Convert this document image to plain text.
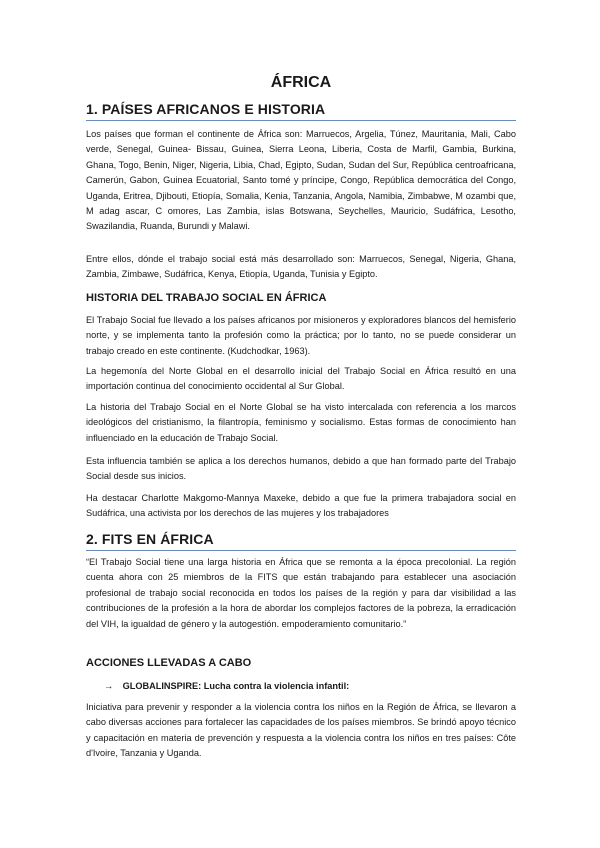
ÁFRICA
1. PAÍSES AFRICANOS E HISTORIA

Los países que forman el continente de África son: Marruecos, Argelia, Túnez, Mauritania, Mali, Cabo verde, Senegal, Guinea- Bissau, Guinea, Sierra Leona, Liberia, Costa de Marfil, Gambia, Burkina, Ghana, Togo, Benin, Niger, Nigeria, Libia, Chad, Egipto, Sudan, Sudan del Sur, República centroafricana, Camerún, Gabon, Guinea Ecuatorial, Santo tomé y príncipe, Congo, República democrática del Congo, Uganda, Eritrea, Djibouti, Etiopía, Somalia, Kenia, Tanzania, Angola, Namibia, Zimbabwe, M ozambi que, M adag ascar, C omores, Las Zambia, islas Botswana, Seychelles, Mauricio, Sudáfrica, Lesotho, Swazilandia, Ruanda, Burundi y Malawi.

Entre ellos, dónde el trabajo social está más desarrollado son: Marruecos, Senegal, Nigeria, Ghana, Zambia, Zimbawe, Sudáfrica, Kenya, Etiopía, Uganda, Tunisia y Egipto.

HISTORIA DEL TRABAJO SOCIAL EN ÁFRICA

El Trabajo Social fue llevado a los países africanos por misioneros y exploradores blancos del hemisferio norte, y se implementa tanto la profesión como la práctica; por lo tanto, no se puede considerar un trabajo creado en este continente. (Kudchodkar, 1963).

La hegemonía del Norte Global en el desarrollo inicial del Trabajo Social en África resultó en una importación continua del conocimiento occidental al Sur Global.

La historia del Trabajo Social en el Norte Global se ha visto intercalada con referencia a los marcos ideológicos del cristianismo, la filantropía, feminismo y socialismo. Estas formas de conocimiento han influenciado en la educación de Trabajo Social.

Esta influencia también se aplica a los derechos humanos, debido a que han formado parte del Trabajo Social desde sus inicios.

Ha destacar Charlotte Makgomo-Mannya Maxeke, debido a que fue la primera trabajadora social en Sudáfrica, una activista por los derechos de las mujeres y los trabajadores

2. FITS EN ÁFRICA

“El Trabajo Social tiene una larga historia en África que se remonta a la época precolonial. La región cuenta ahora con 25 miembros de la FITS que están trabajando para establecer una asociación profesional de trabajo social reconocida en todos los países de la región y para dar visibilidad a las contribuciones de la profesión a la hora de abordar los complejos factores de la pobreza, la erradicación del VIH, la igualdad de género y la autogestión. empoderamiento comunitario.”

ACCIONES LLEVADAS A CABO

→ GLOBALINSPIRE: Lucha contra la violencia infantil:

Iniciativa para prevenir y responder a la violencia contra los niños en la Región de África, se llevaron a cabo diversas acciones para fortalecer las capacidades de los países miembros. Se brindó apoyo técnico y capacitación en materia de prevención y respuesta a la violencia contra los niños en tres países: Côte d'Ivoire, Tanzania y Uganda.
